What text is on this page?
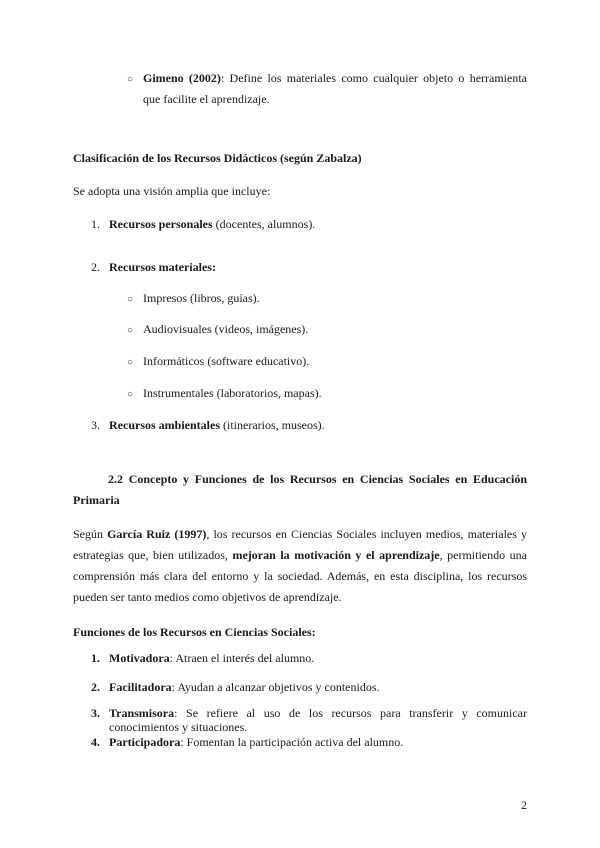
○ Gimeno (2002): Define los materiales como cualquier objeto o herramienta
que facilite el aprendizaje.
Clasificación de los Recursos Didácticos (según Zabalza)
Se adopta una visión amplia que incluye:
1. Recursos personales (docentes, alumnos).
2. Recursos materiales:
○ Impresos (libros, guías).
○ Audiovisuales (videos, imágenes).
○ Informáticos (software educativo).
○ Instrumentales (laboratorios, mapas).
3. Recursos ambientales (itinerarios, museos).
2.2 Concepto y Funciones de los Recursos en Ciencias Sociales en Educación
Primaria
Según García Ruiz (1997), los recursos en Ciencias Sociales incluyen medios, materiales y
estrategias que, bien utilizados, mejoran la motivación y el aprendizaje, permitiendo una
comprensión más clara del entorno y la sociedad. Además, en esta disciplina, los recursos
pueden ser tanto medios como objetivos de aprendizaje.
Funciones de los Recursos en Ciencias Sociales:
1. Motivadora: Atraen el interés del alumno.
2. Facilitadora: Ayudan a alcanzar objetivos y contenidos.
3. Transmisora: Se refiere al uso de los recursos para transferir y comunicar
conocimientos y situaciones.
4. Participadora: Fomentan la participación activa del alumno.
2
